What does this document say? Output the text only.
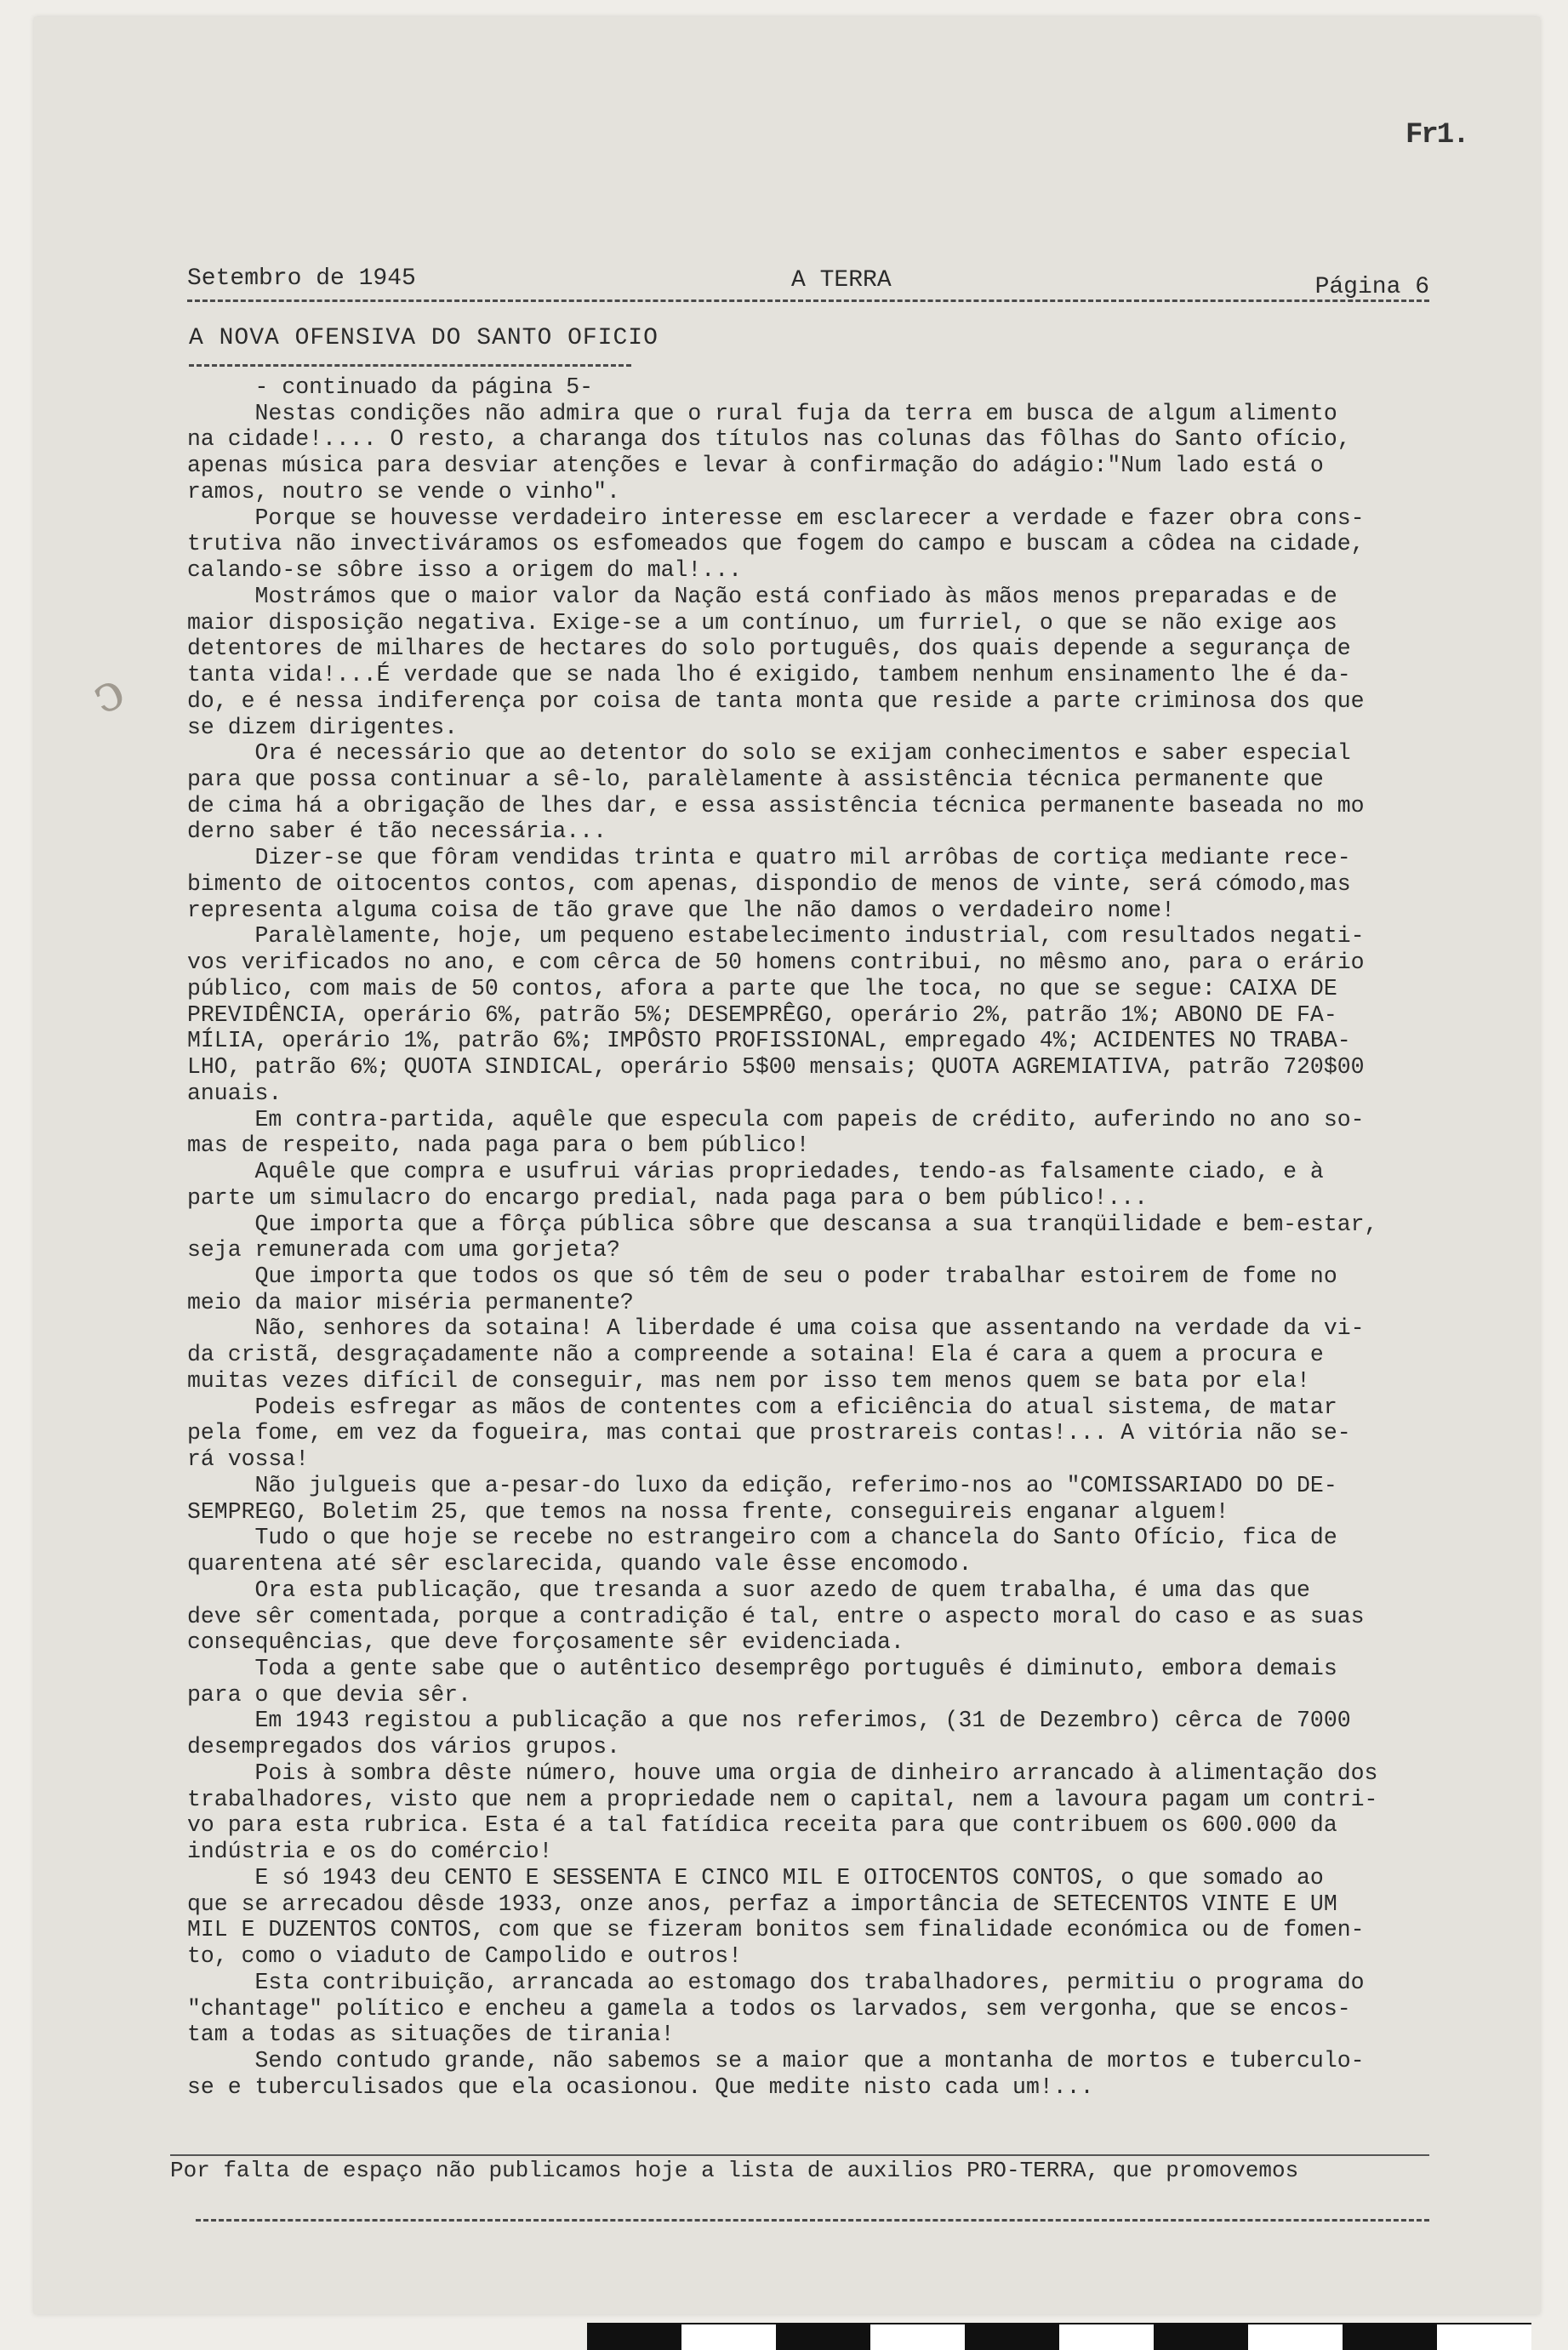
Fr1.
ↄ
Setembro de 1945	A TERRA	Página 6
A NOVA OFENSIVA DO SANTO OFICIO

- continuado da página 5-

Nestas condições não admira que o rural fuja da terra em busca de algum alimento

na cidade!.... O resto, a charanga dos títulos nas colunas das fôlhas do Santo ofício,

apenas música para desviar atenções e levar à confirmação do adágio:"Num lado está o

ramos, noutro se vende o vinho".

Porque se houvesse verdadeiro interesse em esclarecer a verdade e fazer obra cons-

trutiva não invectiváramos os esfomeados que fogem do campo e buscam a côdea na cidade,

calando-se sôbre isso a origem do mal!...

Mostrámos que o maior valor da Nação está confiado às mãos menos preparadas e de

maior disposição negativa. Exige-se a um contínuo, um furriel, o que se não exige aos

detentores de milhares de hectares do solo português, dos quais depende a segurança de

tanta vida!...É verdade que se nada lho é exigido, tambem nenhum ensinamento lhe é da-

do, e é nessa indiferença por coisa de tanta monta que reside a parte criminosa dos que

se dizem dirigentes.

Ora é necessário que ao detentor do solo se exijam conhecimentos e saber especial

para que possa continuar a sê-lo, paralèlamente à assistência técnica permanente que

de cima há a obrigação de lhes dar, e essa assistência técnica permanente baseada no mo

derno saber é tão necessária...

Dizer-se que fôram vendidas trinta e quatro mil arrôbas de cortiça mediante rece-

bimento de oitocentos contos, com apenas, dispondio de menos de vinte, será cómodo,mas

representa alguma coisa de tão grave que lhe não damos o verdadeiro nome!

Paralèlamente, hoje, um pequeno estabelecimento industrial, com resultados negati-

vos verificados no ano, e com cêrca de 50 homens contribui, no mêsmo ano, para o erário

público, com mais de 50 contos, afora a parte que lhe toca, no que se segue: CAIXA DE

PREVIDÊNCIA, operário 6%, patrão 5%; DESEMPRÊGO, operário 2%, patrão 1%; ABONO DE FA-

MÍLIA, operário 1%, patrão 6%; IMPÔSTO PROFISSIONAL, empregado 4%; ACIDENTES NO TRABA-

LHO, patrão 6%; QUOTA SINDICAL, operário 5$00 mensais; QUOTA AGREMIATIVA, patrão 720$00

anuais.

Em contra-partida, aquêle que especula com papeis de crédito, auferindo no ano so-

mas de respeito, nada paga para o bem público!

Aquêle que compra e usufrui várias propriedades, tendo-as falsamente ciado, e à

parte um simulacro do encargo predial, nada paga para o bem público!...

Que importa que a fôrça pública sôbre que descansa a sua tranqüilidade e bem-estar,

seja remunerada com uma gorjeta?

Que importa que todos os que só têm de seu o poder trabalhar estoirem de fome no

meio da maior miséria permanente?

Não, senhores da sotaina! A liberdade é uma coisa que assentando na verdade da vi-

da cristã, desgraçadamente não a compreende a sotaina! Ela é cara a quem a procura e

muitas vezes difícil de conseguir, mas nem por isso tem menos quem se bata por ela!

Podeis esfregar as mãos de contentes com a eficiência do atual sistema, de matar

pela fome, em vez da fogueira, mas contai que prostrareis contas!... A vitória não se-

rá vossa!

Não julgueis que a-pesar-do luxo da edição, referimo-nos ao "COMISSARIADO DO DE-

SEMPREGO, Boletim 25, que temos na nossa frente, conseguireis enganar alguem!

Tudo o que hoje se recebe no estrangeiro com a chancela do Santo Ofício, fica de

quarentena até sêr esclarecida, quando vale êsse encomodo.

Ora esta publicação, que tresanda a suor azedo de quem trabalha, é uma das que

deve sêr comentada, porque a contradição é tal, entre o aspecto moral do caso e as suas

consequências, que deve forçosamente sêr evidenciada.

Toda a gente sabe que o autêntico desemprêgo português é diminuto, embora demais

para o que devia sêr.

Em 1943 registou a publicação a que nos referimos, (31 de Dezembro) cêrca de 7000

desempregados dos vários grupos.

Pois à sombra dêste número, houve uma orgia de dinheiro arrancado à alimentação dos

trabalhadores, visto que nem a propriedade nem o capital, nem a lavoura pagam um contri-

vo para esta rubrica. Esta é a tal fatídica receita para que contribuem os 600.000 da

indústria e os do comércio!

E só 1943 deu CENTO E SESSENTA E CINCO MIL E OITOCENTOS CONTOS, o que somado ao

que se arrecadou dêsde 1933, onze anos, perfaz a importância de SETECENTOS VINTE E UM

MIL E DUZENTOS CONTOS, com que se fizeram bonitos sem finalidade económica ou de fomen-

to, como o viaduto de Campolido e outros!

Esta contribuição, arrancada ao estomago dos trabalhadores, permitiu o programa do

"chantage" político e encheu a gamela a todos os larvados, sem vergonha, que se encos-

tam a todas as situações de tirania!

Sendo contudo grande, não sabemos se a maior que a montanha de mortos e tuberculo-

se e tuberculisados que ela ocasionou. Que medite nisto cada um!...

Por falta de espaço não publicamos hoje a lista de auxilios PRO-TERRA, que promovemos
